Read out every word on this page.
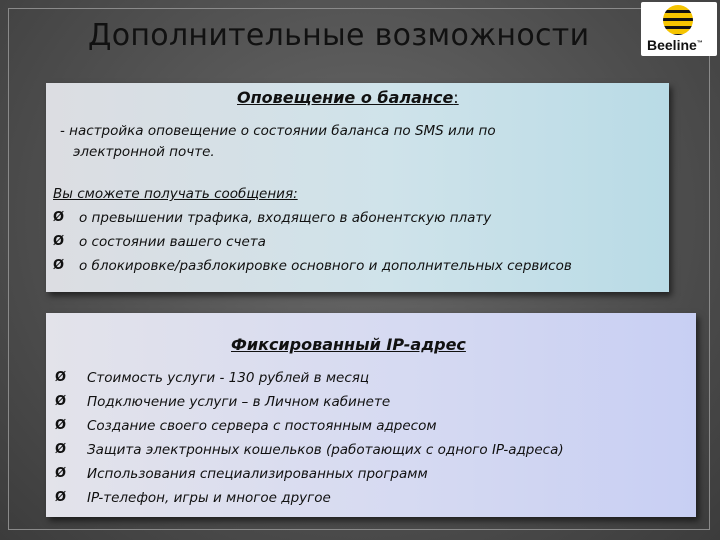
Дополнительные возможности	Beeline™
Оповещение о балансе:
- настройка оповещение о состоянии баланса по SMS или по
электронной почте.
Вы сможете получать сообщения:
Ø о превышении трафика, входящего в абонентскую плату
Ø о состоянии вашего счета
Ø о блокировке/разблокировке основного и дополнительных сервисов
Фиксированный IP-адрес
Ø Стоимость услуги - 130 рублей в месяц
Ø Подключение услуги – в Личном кабинете
Ø Создание своего сервера с постоянным адресом
Ø Защита электронных кошельков (работающих с одного IP-адреса)
Ø Использования специализированных программ
Ø IP-телефон, игры и многое другое
